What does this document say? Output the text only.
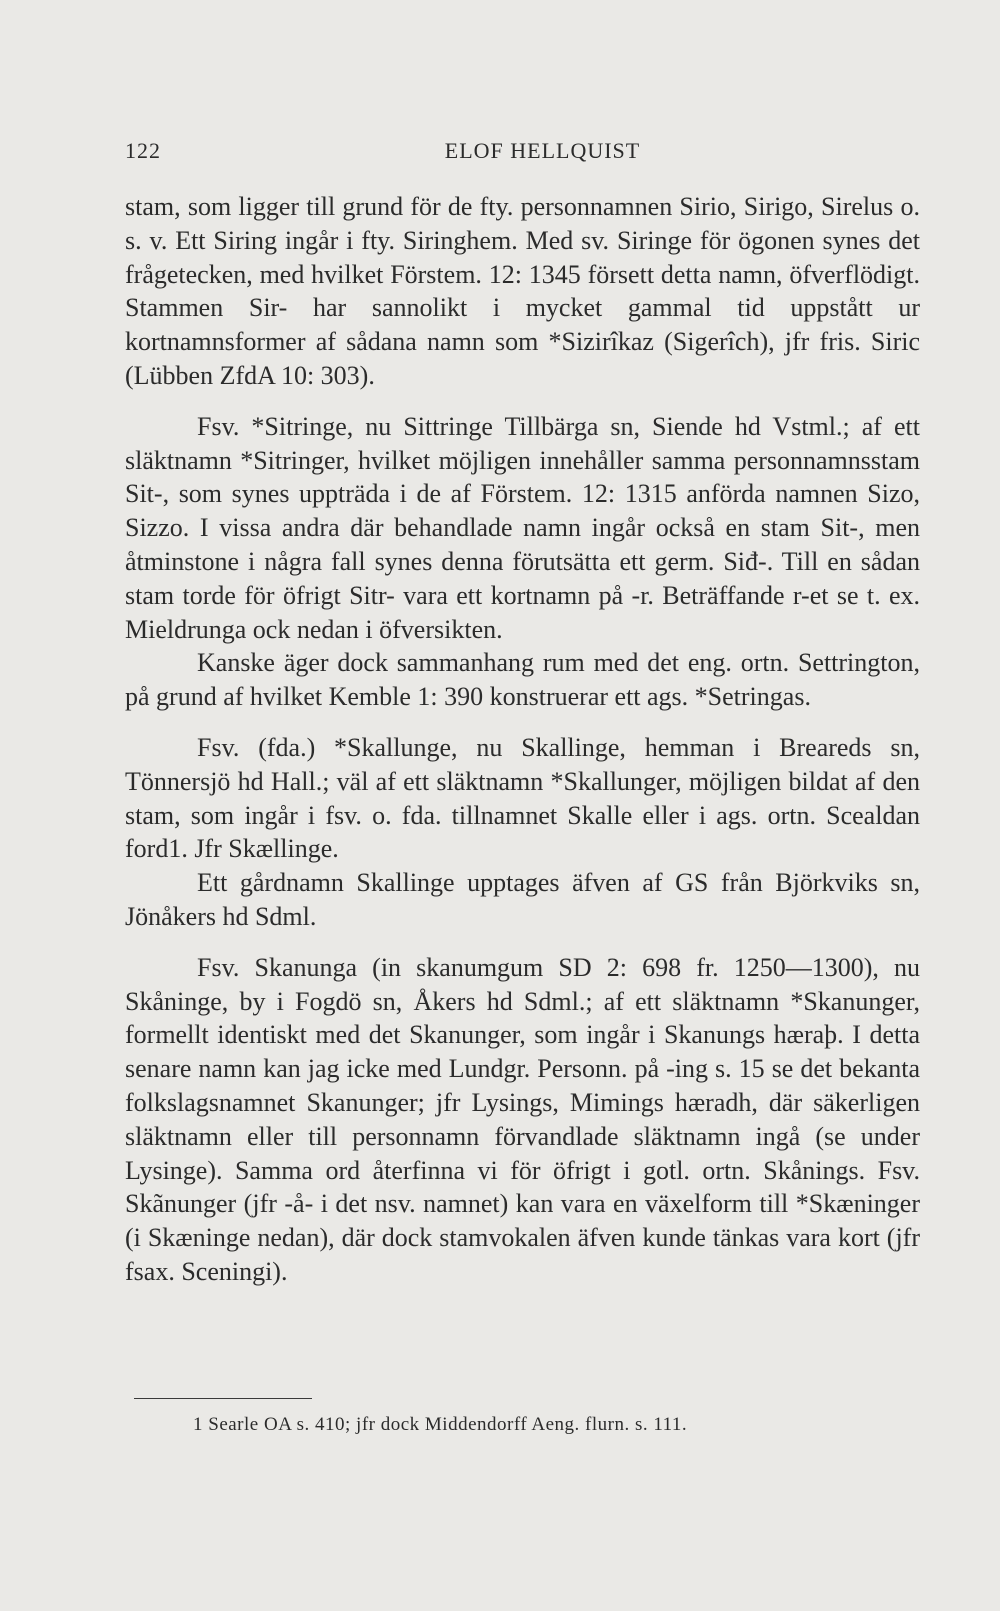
122	ELOF HELLQUIST

stam, som ligger till grund för de fty. personnamnen Sirio, Sirigo, Sirelus o. s. v. Ett Siring ingår i fty. Siringhem. Med sv. Siringe för ögonen synes det frågetecken, med hvilket Förstem. 12: 1345 försett detta namn, öfverflödigt. Stammen Sir- har sannolikt i mycket gammal tid uppstått ur kortnamnsformer af sådana namn som *Sizirîkaz (Sigerîch), jfr fris. Siric (Lübben ZfdA 10: 303).

Fsv. *Sitringe, nu Sittringe Tillbärga sn, Siende hd Vstml.; af ett släktnamn *Sitringer, hvilket möjligen innehåller samma personnamnsstam Sit-, som synes uppträda i de af Förstem. 12: 1315 anförda namnen Sizo, Sizzo. I vissa andra där behandlade namn ingår också en stam Sit-, men åtminstone i några fall synes denna förutsätta ett germ. Siđ-. Till en sådan stam torde för öfrigt Sitr- vara ett kortnamn på -r. Beträffande r-et se t. ex. Mieldrunga ock nedan i öfversikten.

Kanske äger dock sammanhang rum med det eng. ortn. Settrington, på grund af hvilket Kemble 1: 390 konstruerar ett ags. *Setringas.

Fsv. (fda.) *Skallunge, nu Skallinge, hemman i Breareds sn, Tönnersjö hd Hall.; väl af ett släktnamn *Skallunger, möjligen bildat af den stam, som ingår i fsv. o. fda. tillnamnet Skalle eller i ags. ortn. Scealdan ford1. Jfr Skællinge.

Ett gårdnamn Skallinge upptages äfven af GS från Björkviks sn, Jönåkers hd Sdml.

Fsv. Skanunga (in skanumgum SD 2: 698 fr. 1250—1300), nu Skåninge, by i Fogdö sn, Åkers hd Sdml.; af ett släktnamn *Skanunger, formellt identiskt med det Skanunger, som ingår i Skanungs hæraþ. I detta senare namn kan jag icke med Lundgr. Personn. på -ing s. 15 se det bekanta folkslagsnamnet Skanunger; jfr Lysings, Mimings hæradh, där säkerligen släktnamn eller till personnamn förvandlade släktnamn ingå (se under Lysinge). Samma ord återfinna vi för öfrigt i gotl. ortn. Skånings. Fsv. Skãnunger (jfr -å- i det nsv. namnet) kan vara en växelform till *Skæninger (i Skæninge nedan), där dock stamvokalen äfven kunde tänkas vara kort (jfr fsax. Sceningi).

1 Searle OA s. 410; jfr dock Middendorff Aeng. flurn. s. 111.
